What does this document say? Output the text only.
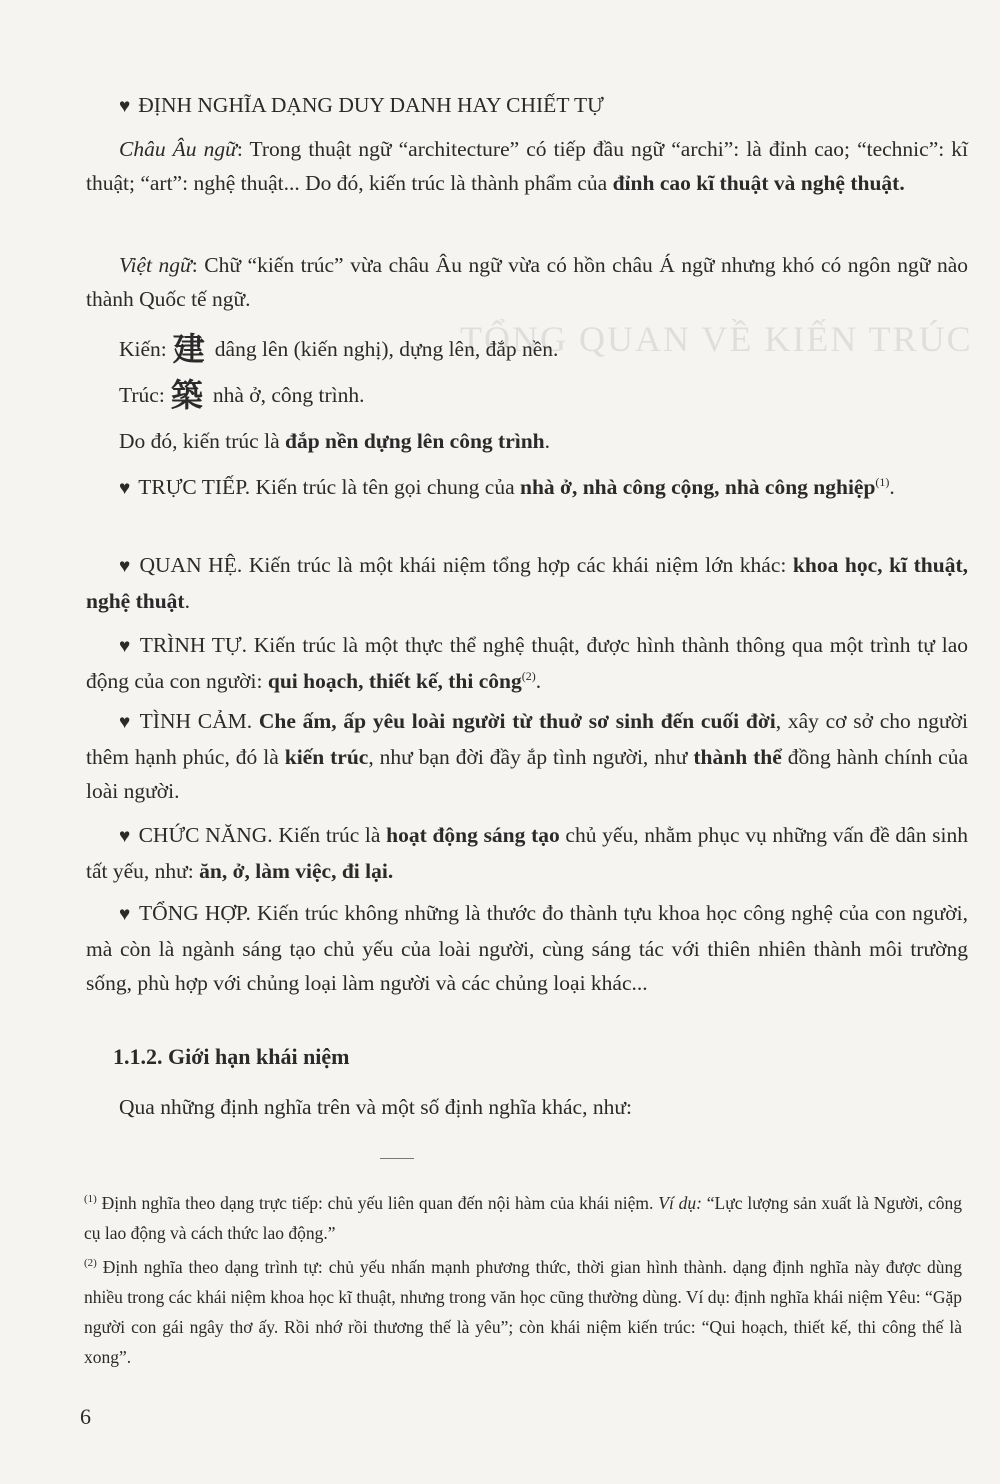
TỔNG QUAN VỀ KIẾN TRÚC

♥ ĐỊNH NGHĨA DẠNG DUY DANH HAY CHIẾT TỰ

Châu Âu ngữ: Trong thuật ngữ “architecture” có tiếp đầu ngữ “archi”: là đỉnh cao; “technic”: kĩ thuật; “art”: nghệ thuật... Do đó, kiến trúc là thành phẩm của đỉnh cao kĩ thuật và nghệ thuật.

Việt ngữ: Chữ “kiến trúc” vừa châu Âu ngữ vừa có hồn châu Á ngữ nhưng khó có ngôn ngữ nào thành Quốc tế ngữ.

Kiến: 建 dâng lên (kiến nghị), dựng lên, đắp nền.

Trúc: 築 nhà ở, công trình.

Do đó, kiến trúc là đắp nền dựng lên công trình.

♥ TRỰC TIẾP. Kiến trúc là tên gọi chung của nhà ở, nhà công cộng, nhà công nghiệp$^{(1)}$.

♥ QUAN HỆ. Kiến trúc là một khái niệm tổng hợp các khái niệm lớn khác: khoa học, kĩ thuật, nghệ thuật.

♥ TRÌNH TỰ. Kiến trúc là một thực thể nghệ thuật, được hình thành thông qua một trình tự lao động của con người: qui hoạch, thiết kế, thi công$^{(2)}$.

♥ TÌNH CẢM. Che ấm, ấp yêu loài người từ thuở sơ sinh đến cuối đời, xây cơ sở cho người thêm hạnh phúc, đó là kiến trúc, như bạn đời đầy ắp tình người, như thành thể đồng hành chính của loài người.

♥ CHỨC NĂNG. Kiến trúc là hoạt động sáng tạo chủ yếu, nhằm phục vụ những vấn đề dân sinh tất yếu, như: ăn, ở, làm việc, đi lại.

♥ TỔNG HỢP. Kiến trúc không những là thước đo thành tựu khoa học công nghệ của con người, mà còn là ngành sáng tạo chủ yếu của loài người, cùng sáng tác với thiên nhiên thành môi trường sống, phù hợp với chủng loại làm người và các chủng loại khác...

1.1.2. Giới hạn khái niệm

Qua những định nghĩa trên và một số định nghĩa khác, như:

$^{(1)}$ Định nghĩa theo dạng trực tiếp: chủ yếu liên quan đến nội hàm của khái niệm. Ví dụ: “Lực lượng sản xuất là Người, công cụ lao động và cách thức lao động.”

$^{(2)}$ Định nghĩa theo dạng trình tự: chủ yếu nhấn mạnh phương thức, thời gian hình thành. dạng định nghĩa này được dùng nhiều trong các khái niệm khoa học kĩ thuật, nhưng trong văn học cũng thường dùng. Ví dụ: định nghĩa khái niệm Yêu: “Gặp người con gái ngây thơ ấy. Rồi nhớ rồi thương thế là yêu”; còn khái niệm kiến trúc: “Qui hoạch, thiết kế, thi công thế là xong”.

6
